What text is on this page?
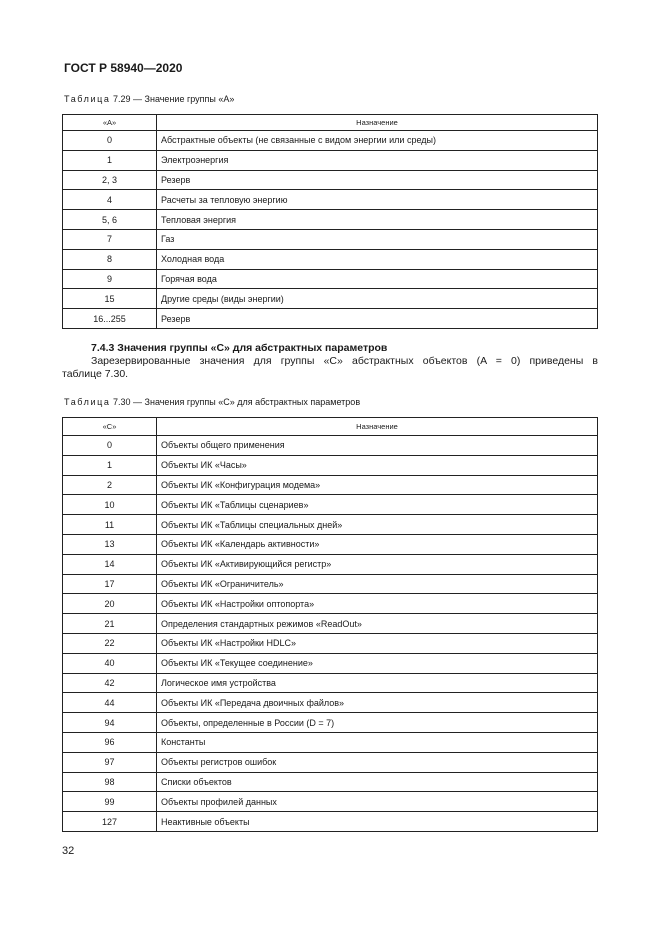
ГОСТ Р 58940—2020
Таблица 7.29 — Значение группы «A»
«A»	Назначение
0	Абстрактные объекты (не связанные с видом энергии или среды)
1	Электроэнергия
2, 3	Резерв
4	Расчеты за тепловую энергию
5, 6	Тепловая энергия
7	Газ
8	Холодная вода
9	Горячая вода
15	Другие среды (виды энергии)
16...255	Резерв
7.4.3 Значения группы «C» для абстрактных параметров
Зарезервированные значения для группы «C» абстрактных объектов (A = 0) приведены в
таблице 7.30.
Таблица 7.30 — Значения группы «C» для абстрактных параметров
«C»	Назначение
0	Объекты общего применения
1	Объекты ИК «Часы»
2	Объекты ИК «Конфигурация модема»
10	Объекты ИК «Таблицы сценариев»
11	Объекты ИК «Таблицы специальных дней»
13	Объекты ИК «Календарь активности»
14	Объекты ИК «Активирующийся регистр»
17	Объекты ИК «Ограничитель»
20	Объекты ИК «Настройки оптопорта»
21	Определения стандартных режимов «ReadOut»
22	Объекты ИК «Настройки HDLC»
40	Объекты ИК «Текущее соединение»
42	Логическое имя устройства
44	Объекты ИК «Передача двоичных файлов»
94	Объекты, определенные в России (D = 7)
96	Константы
97	Объекты регистров ошибок
98	Списки объектов
99	Объекты профилей данных
127	Неактивные объекты
32
